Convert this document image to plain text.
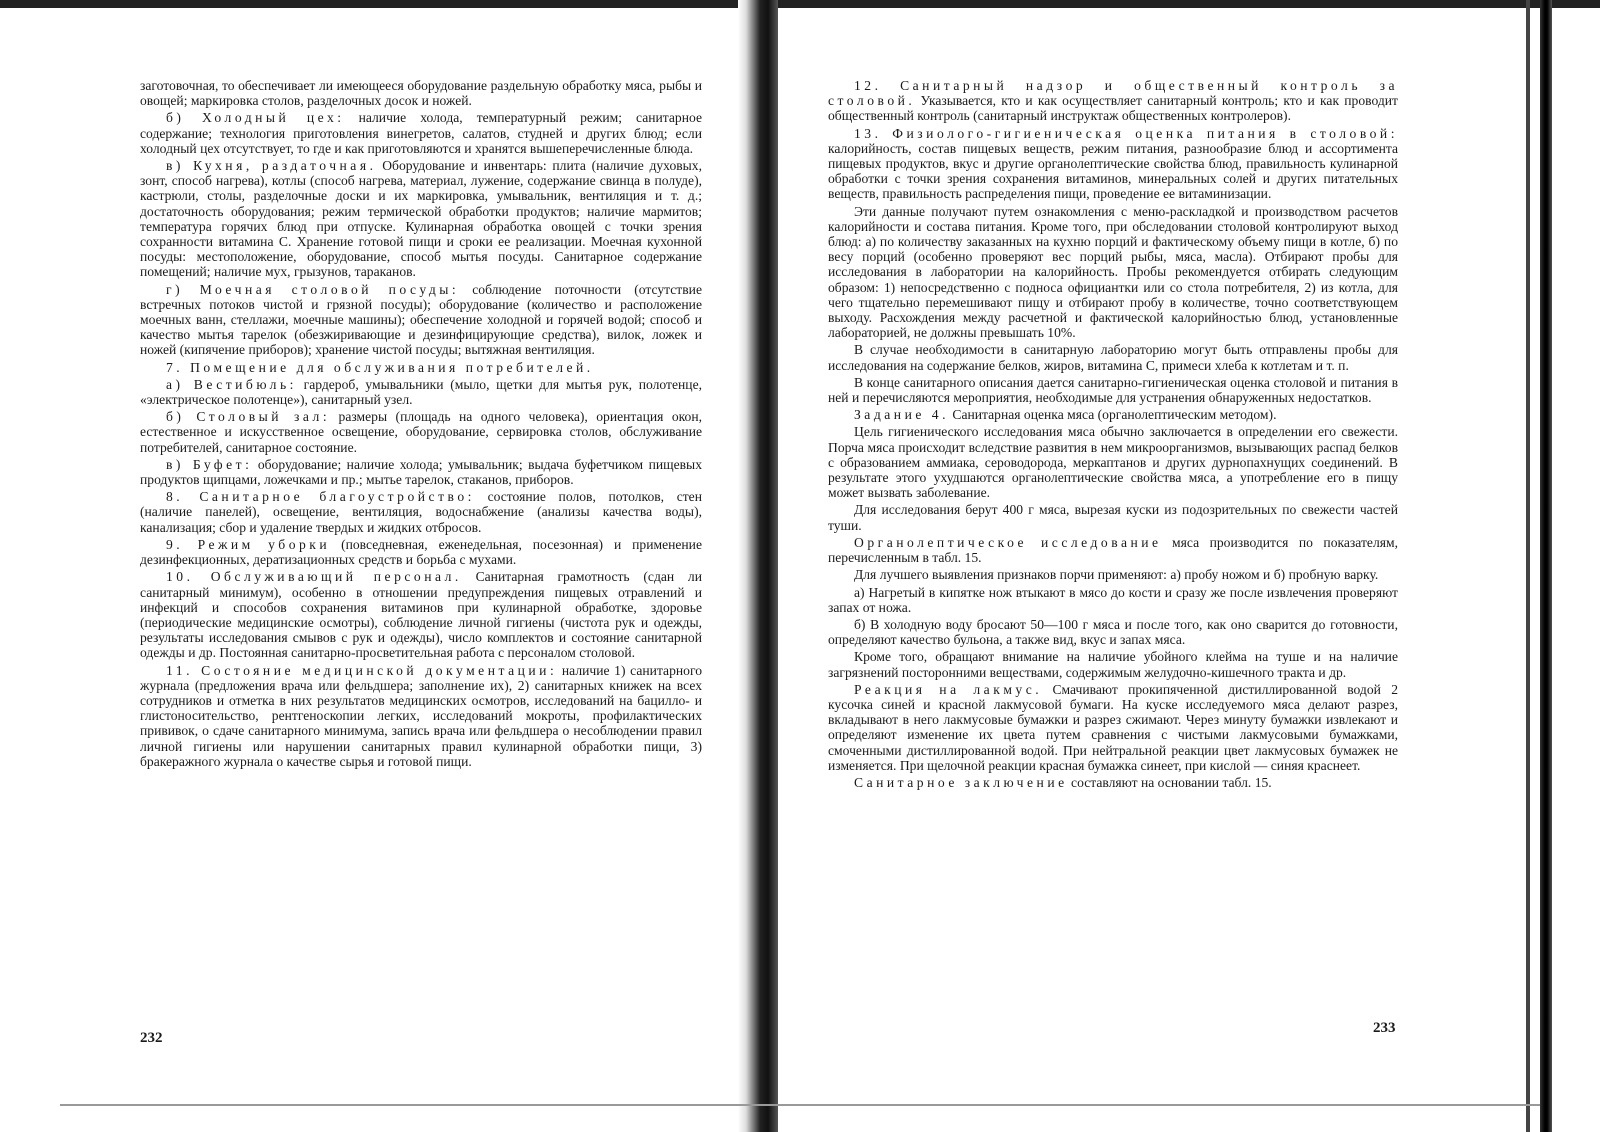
заготовочная, то обеспечивает ли имеющееся оборудование раздельную обработку мяса, рыбы и овощей; маркировка столов, разделочных досок и ножей.

б) Холодный цех: наличие холода, температурный режим; санитарное содержание; технология приготовления винегретов, салатов, студней и других блюд; если холодный цех отсутствует, то где и как приготовляются и хранятся вышеперечисленные блюда.

в) Кухня, раздаточная. Оборудование и инвентарь: плита (наличие духовых, зонт, способ нагрева), котлы (способ нагрева, материал, лужение, содержание свинца в полуде), кастрюли, столы, разделочные доски и их маркировка, умывальник, вентиляция и т. д.; достаточность оборудования; режим термической обработки продуктов; наличие мармитов; температура горячих блюд при отпуске. Кулинарная обработка овощей с точки зрения сохранности витамина С. Хранение готовой пищи и сроки ее реализации. Моечная кухонной посуды: местоположение, оборудование, способ мытья посуды. Санитарное содержание помещений; наличие мух, грызунов, тараканов.

г) Моечная столовой посуды: соблюдение поточности (отсутствие встречных потоков чистой и грязной посуды); оборудование (количество и расположение моечных ванн, стеллажи, моечные машины); обеспечение холодной и горячей водой; способ и качество мытья тарелок (обезжиривающие и дезинфицирующие средства), вилок, ложек и ножей (кипячение приборов); хранение чистой посуды; вытяжная вентиляция.

7. Помещение для обслуживания потребителей.

а) Вестибюль: гардероб, умывальники (мыло, щетки для мытья рук, полотенце, «электрическое полотенце»), санитарный узел.

б) Столовый зал: размеры (площадь на одного человека), ориентация окон, естественное и искусственное освещение, оборудование, сервировка столов, обслуживание потребителей, санитарное состояние.

в) Буфет: оборудование; наличие холода; умывальник; выдача буфетчиком пищевых продуктов щипцами, ложечками и пр.; мытье тарелок, стаканов, приборов.

8. Санитарное благоустройство: состояние полов, потолков, стен (наличие панелей), освещение, вентиляция, водоснабжение (анализы качества воды), канализация; сбор и удаление твердых и жидких отбросов.

9. Режим уборки (повседневная, еженедельная, посезонная) и применение дезинфекционных, дератизационных средств и борьба с мухами.

10. Обслуживающий персонал. Санитарная грамотность (сдан ли санитарный минимум), особенно в отношении предупреждения пищевых отравлений и инфекций и способов сохранения витаминов при кулинарной обработке, здоровье (периодические медицинские осмотры), соблюдение личной гигиены (чистота рук и одежды, результаты исследования смывов с рук и одежды), число комплектов и состояние санитарной одежды и др. Постоянная санитарно-просветительная работа с персоналом столовой.

11. Состояние медицинской документации: наличие 1) санитарного журнала (предложения врача или фельдшера; заполнение их), 2) санитарных книжек на всех сотрудников и отметка в них результатов медицинских осмотров, исследований на бацилло- и глистоносительство, рентгеноскопии легких, исследований мокроты, профилактических прививок, о сдаче санитарного минимума, запись врача или фельдшера о несоблюдении правил личной гигиены или нарушении санитарных правил кулинарной обработки пищи, 3) бракеражного журнала о качестве сырья и готовой пищи.

232

12. Санитарный надзор и общественный контроль за столовой. Указывается, кто и как осуществляет санитарный контроль; кто и как проводит общественный контроль (санитарный инструктаж общественных контролеров).

13. Физиолого-гигиеническая оценка питания в столовой: калорийность, состав пищевых веществ, режим питания, разнообразие блюд и ассортимента пищевых продуктов, вкус и другие органолептические свойства блюд, правильность кулинарной обработки с точки зрения сохранения витаминов, минеральных солей и других питательных веществ, правильность распределения пищи, проведение ее витаминизации.

Эти данные получают путем ознакомления с меню-раскладкой и производством расчетов калорийности и состава питания. Кроме того, при обследовании столовой контролируют выход блюд: а) по количеству заказанных на кухню порций и фактическому объему пищи в котле, б) по весу порций (особенно проверяют вес порций рыбы, мяса, масла). Отбирают пробы для исследования в лаборатории на калорийность. Пробы рекомендуется отбирать следующим образом: 1) непосредственно с подноса официантки или со стола потребителя, 2) из котла, для чего тщательно перемешивают пищу и отбирают пробу в количестве, точно соответствующем выходу. Расхождения между расчетной и фактической калорийностью блюд, установленные лабораторией, не должны превышать 10%.

В случае необходимости в санитарную лабораторию могут быть отправлены пробы для исследования на содержание белков, жиров, витамина С, примеси хлеба к котлетам и т. п.

В конце санитарного описания дается санитарно-гигиеническая оценка столовой и питания в ней и перечисляются мероприятия, необходимые для устранения обнаруженных недостатков.

Задание 4. Санитарная оценка мяса (органолептическим методом).

Цель гигиенического исследования мяса обычно заключается в определении его свежести. Порча мяса происходит вследствие развития в нем микроорганизмов, вызывающих распад белков с образованием аммиака, сероводорода, меркаптанов и других дурнопахнущих соединений. В результате этого ухудшаются органолептические свойства мяса, а употребление его в пищу может вызвать заболевание.

Для исследования берут 400 г мяса, вырезая куски из подозрительных по свежести частей туши.

Органолептическое исследование мяса производится по показателям, перечисленным в табл. 15.

Для лучшего выявления признаков порчи применяют: а) пробу ножом и б) пробную варку.

а) Нагретый в кипятке нож втыкают в мясо до кости и сразу же после извлечения проверяют запах от ножа.

б) В холодную воду бросают 50—100 г мяса и после того, как оно сварится до готовности, определяют качество бульона, а также вид, вкус и запах мяса.

Кроме того, обращают внимание на наличие убойного клейма на туше и на наличие загрязнений посторонними веществами, содержимым желудочно-кишечного тракта и др.

Реакция на лакмус. Смачивают прокипяченной дистиллированной водой 2 кусочка синей и красной лакмусовой бумаги. На куске исследуемого мяса делают разрез, вкладывают в него лакмусовые бумажки и разрез сжимают. Через минуту бумажки извлекают и определяют изменение их цвета путем сравнения с чистыми лакмусовыми бумажками, смоченными дистиллированной водой. При нейтральной реакции цвет лакмусовых бумажек не изменяется. При щелочной реакции красная бумажка синеет, при кислой — синяя краснеет.

Санитарное заключение составляют на основании табл. 15.

233
